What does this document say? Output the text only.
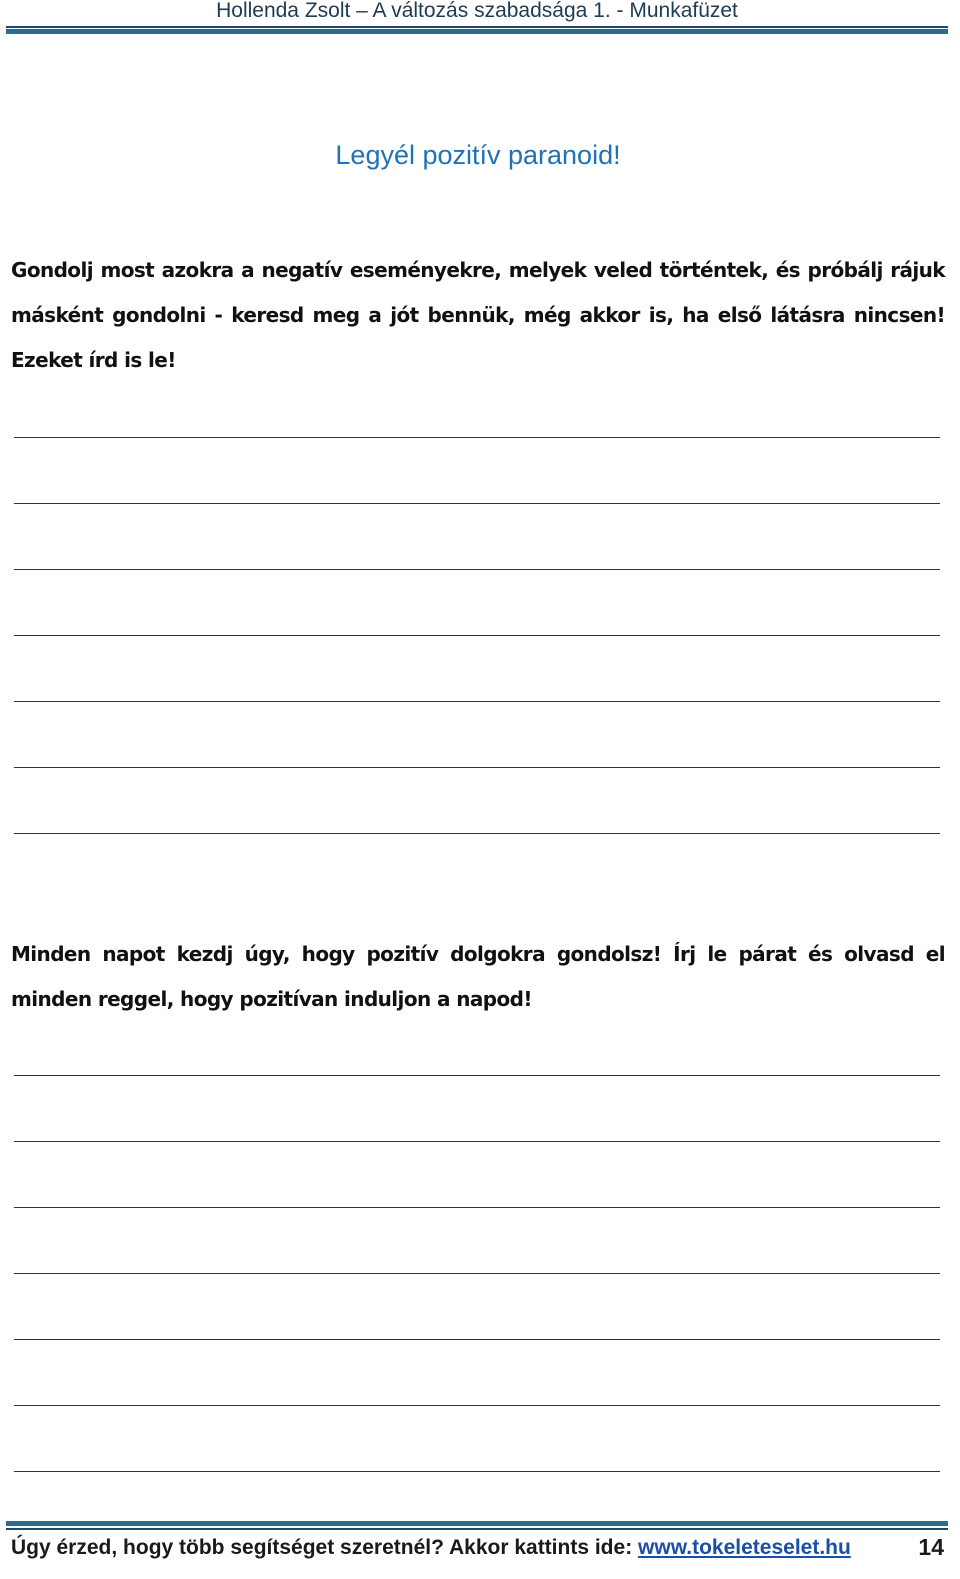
Hollenda Zsolt – A változás szabadsága 1. - Munkafüzet
Legyél pozitív paranoid!
Gondolj most azokra a negatív eseményekre, melyek veled történtek, és próbálj rájuk másként gondolni - keresd meg a jót bennük, még akkor is, ha első látásra nincsen! Ezeket írd is le!
Minden napot kezdj úgy, hogy pozitív dolgokra gondolsz! Írj le párat és olvasd el minden reggel, hogy pozitívan induljon a napod!
Úgy érzed, hogy több segítséget szeretnél? Akkor kattints ide: www.tokeleteselet.hu	14
